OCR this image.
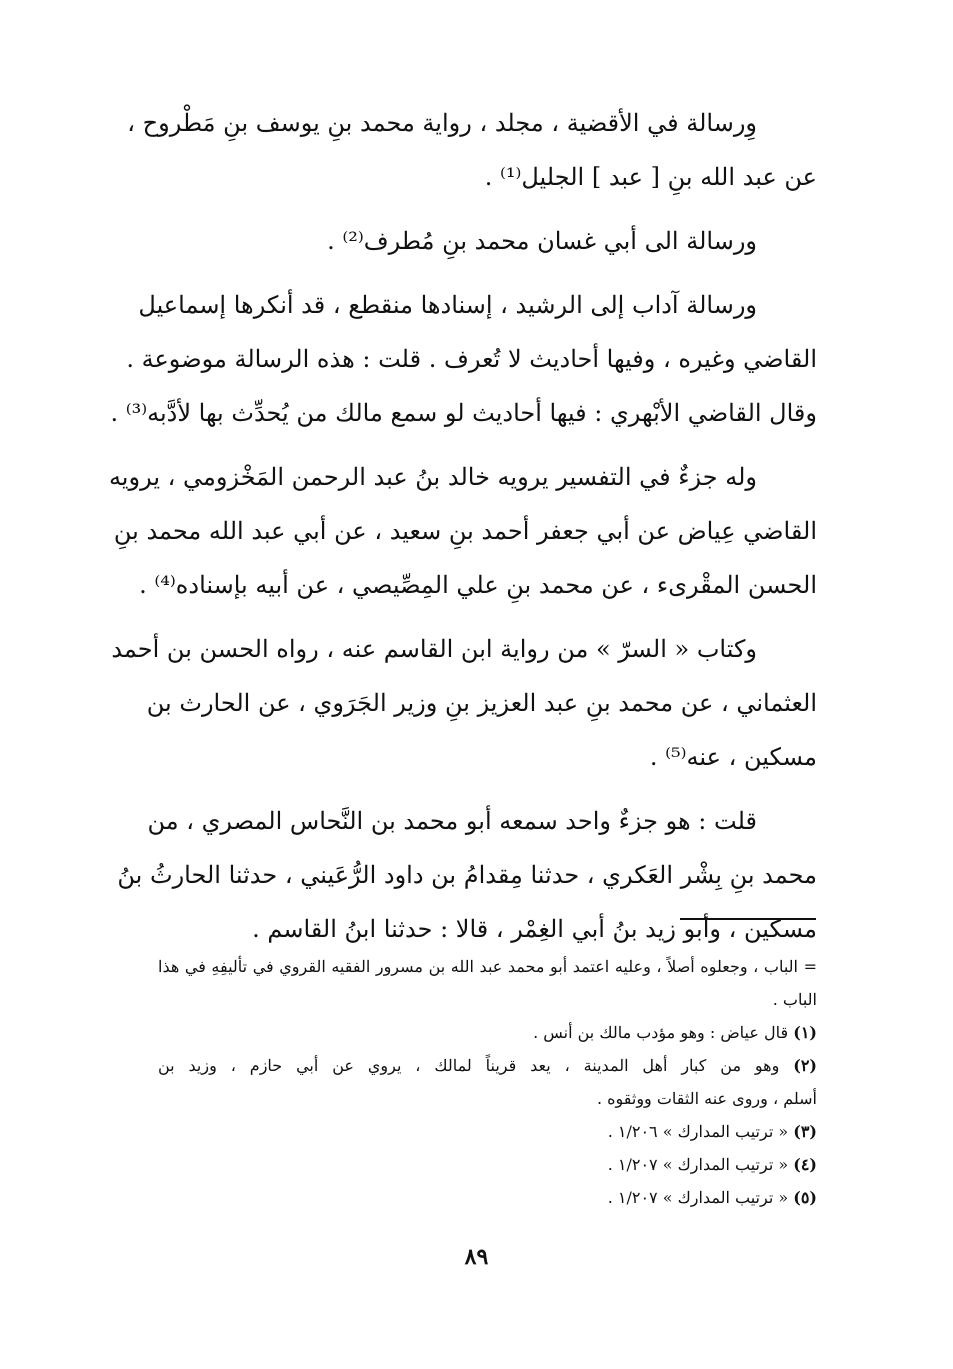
وِرسالة في الأقضية ، مجلد ، رواية محمد بنِ يوسف بنِ مَطْروح ،
عن عبد الله بنِ [ عبد ] الجليل⁽¹⁾ .

ورسالة الى أبي غسان محمد بنِ مُطرف⁽²⁾ .

ورسالة آداب إلى الرشيد ، إسنادها منقطع ، قد أنكرها إسماعيل
القاضي وغيره ، وفيها أحاديث لا تُعرف . قلت : هذه الرسالة موضوعة .
وقال القاضي الأبْهري : فيها أحاديث لو سمع مالك من يُحدِّث بها لأدَّبه⁽³⁾ .

وله جزءٌ في التفسير يرويه خالد بنُ عبد الرحمن المَخْزومي ، يرويه
القاضي عِياض عن أبي جعفر أحمد بنِ سعيد ، عن أبي عبد الله محمد بنِ
الحسن المقْرىء ، عن محمد بنِ علي المِصِّيصي ، عن أبيه بإسناده⁽⁴⁾ .

وكتاب « السرّ » من رواية ابن القاسم عنه ، رواه الحسن بن أحمد
العثماني ، عن محمد بنِ عبد العزيز بنِ وزير الجَرَوي ، عن الحارث بن
مسكين ، عنه⁽⁵⁾ .

قلت : هو جزءٌ واحد سمعه أبو محمد بن النَّحاس المصري ، من
محمد بنِ بِشْر العَكري ، حدثنا مِقدامُ بن داود الرُّعَيني ، حدثنا الحارثُ بنُ
مسكين ، وأبو زيد بنُ أبي الغِمْر ، قالا : حدثنا ابنُ القاسم .

= الباب ، وجعلوه أصلاً ، وعليه اعتمد أبو محمد عبد الله بن مسرور الفقيه القروي في تأليفِهِ في هذا
الباب .
(١) قال عياض : وهو مؤدب مالك بن أنس .
(٢) وهو من كبار أهل المدينة ، يعد قريناً لمالك ، يروي عن أبي حازم ، وزيد بن
أسلم ، وروى عنه الثقات ووثقوه .
(٣) « ترتيب المدارك » ١/٢٠٦ .
(٤) « ترتيب المدارك » ١/٢٠٧ .
(٥) « ترتيب المدارك » ١/٢٠٧ .
٨٩
